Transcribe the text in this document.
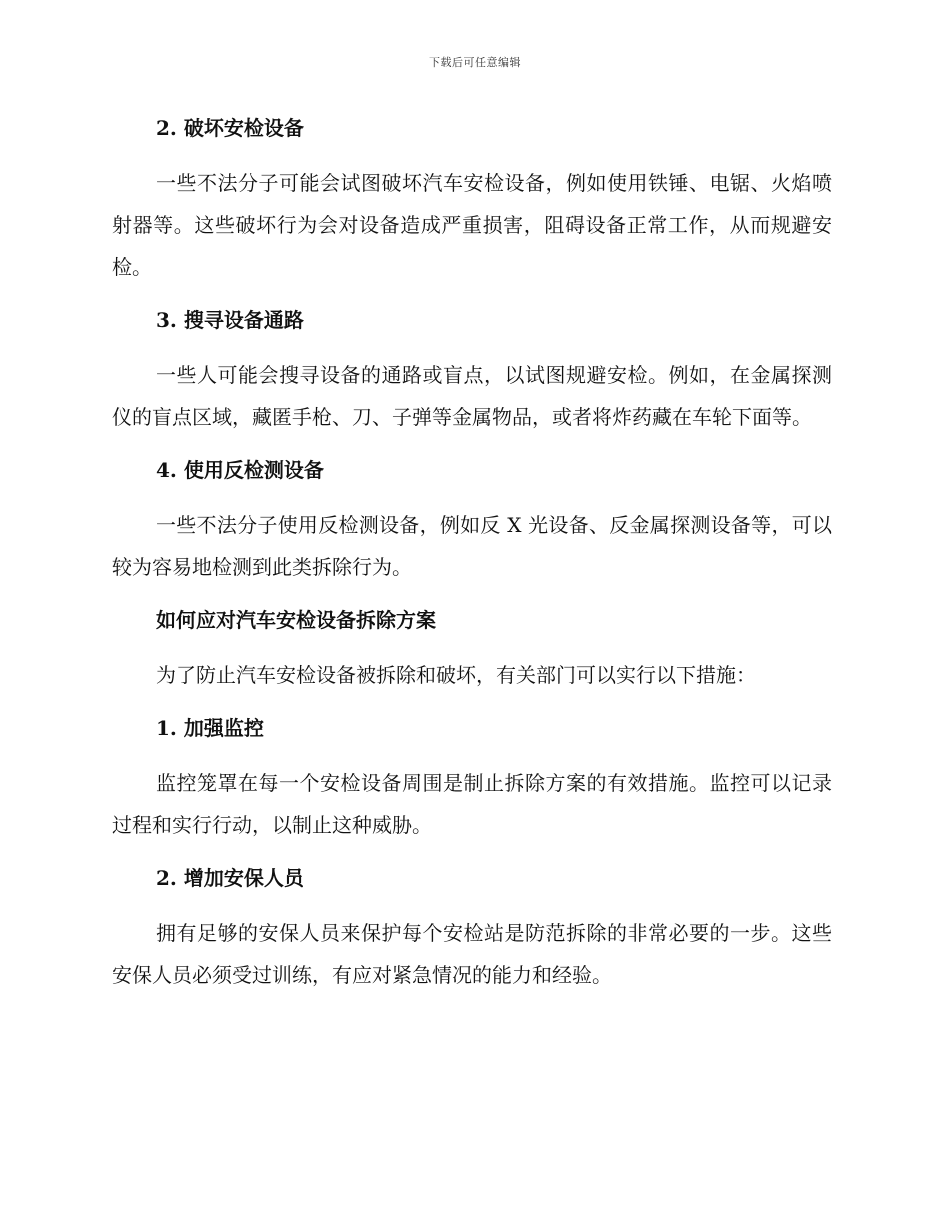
下载后可任意编辑
2. 破坏安检设备

一些不法分子可能会试图破坏汽车安检设备，例如使用铁锤、电锯、火焰喷射器等。这些破坏行为会对设备造成严重损害，阻碍设备正常工作，从而规避安检。

3. 搜寻设备通路

一些人可能会搜寻设备的通路或盲点，以试图规避安检。例如，在金属探测仪的盲点区域，藏匿手枪、刀、子弹等金属物品，或者将炸药藏在车轮下面等。

4. 使用反检测设备

一些不法分子使用反检测设备，例如反 X 光设备、反金属探测设备等，可以较为容易地检测到此类拆除行为。

如何应对汽车安检设备拆除方案

为了防止汽车安检设备被拆除和破坏，有关部门可以实行以下措施：

1. 加强监控

监控笼罩在每一个安检设备周围是制止拆除方案的有效措施。监控可以记录过程和实行行动，以制止这种威胁。

2. 增加安保人员

拥有足够的安保人员来保护每个安检站是防范拆除的非常必要的一步。这些安保人员必须受过训练，有应对紧急情况的能力和经验。
